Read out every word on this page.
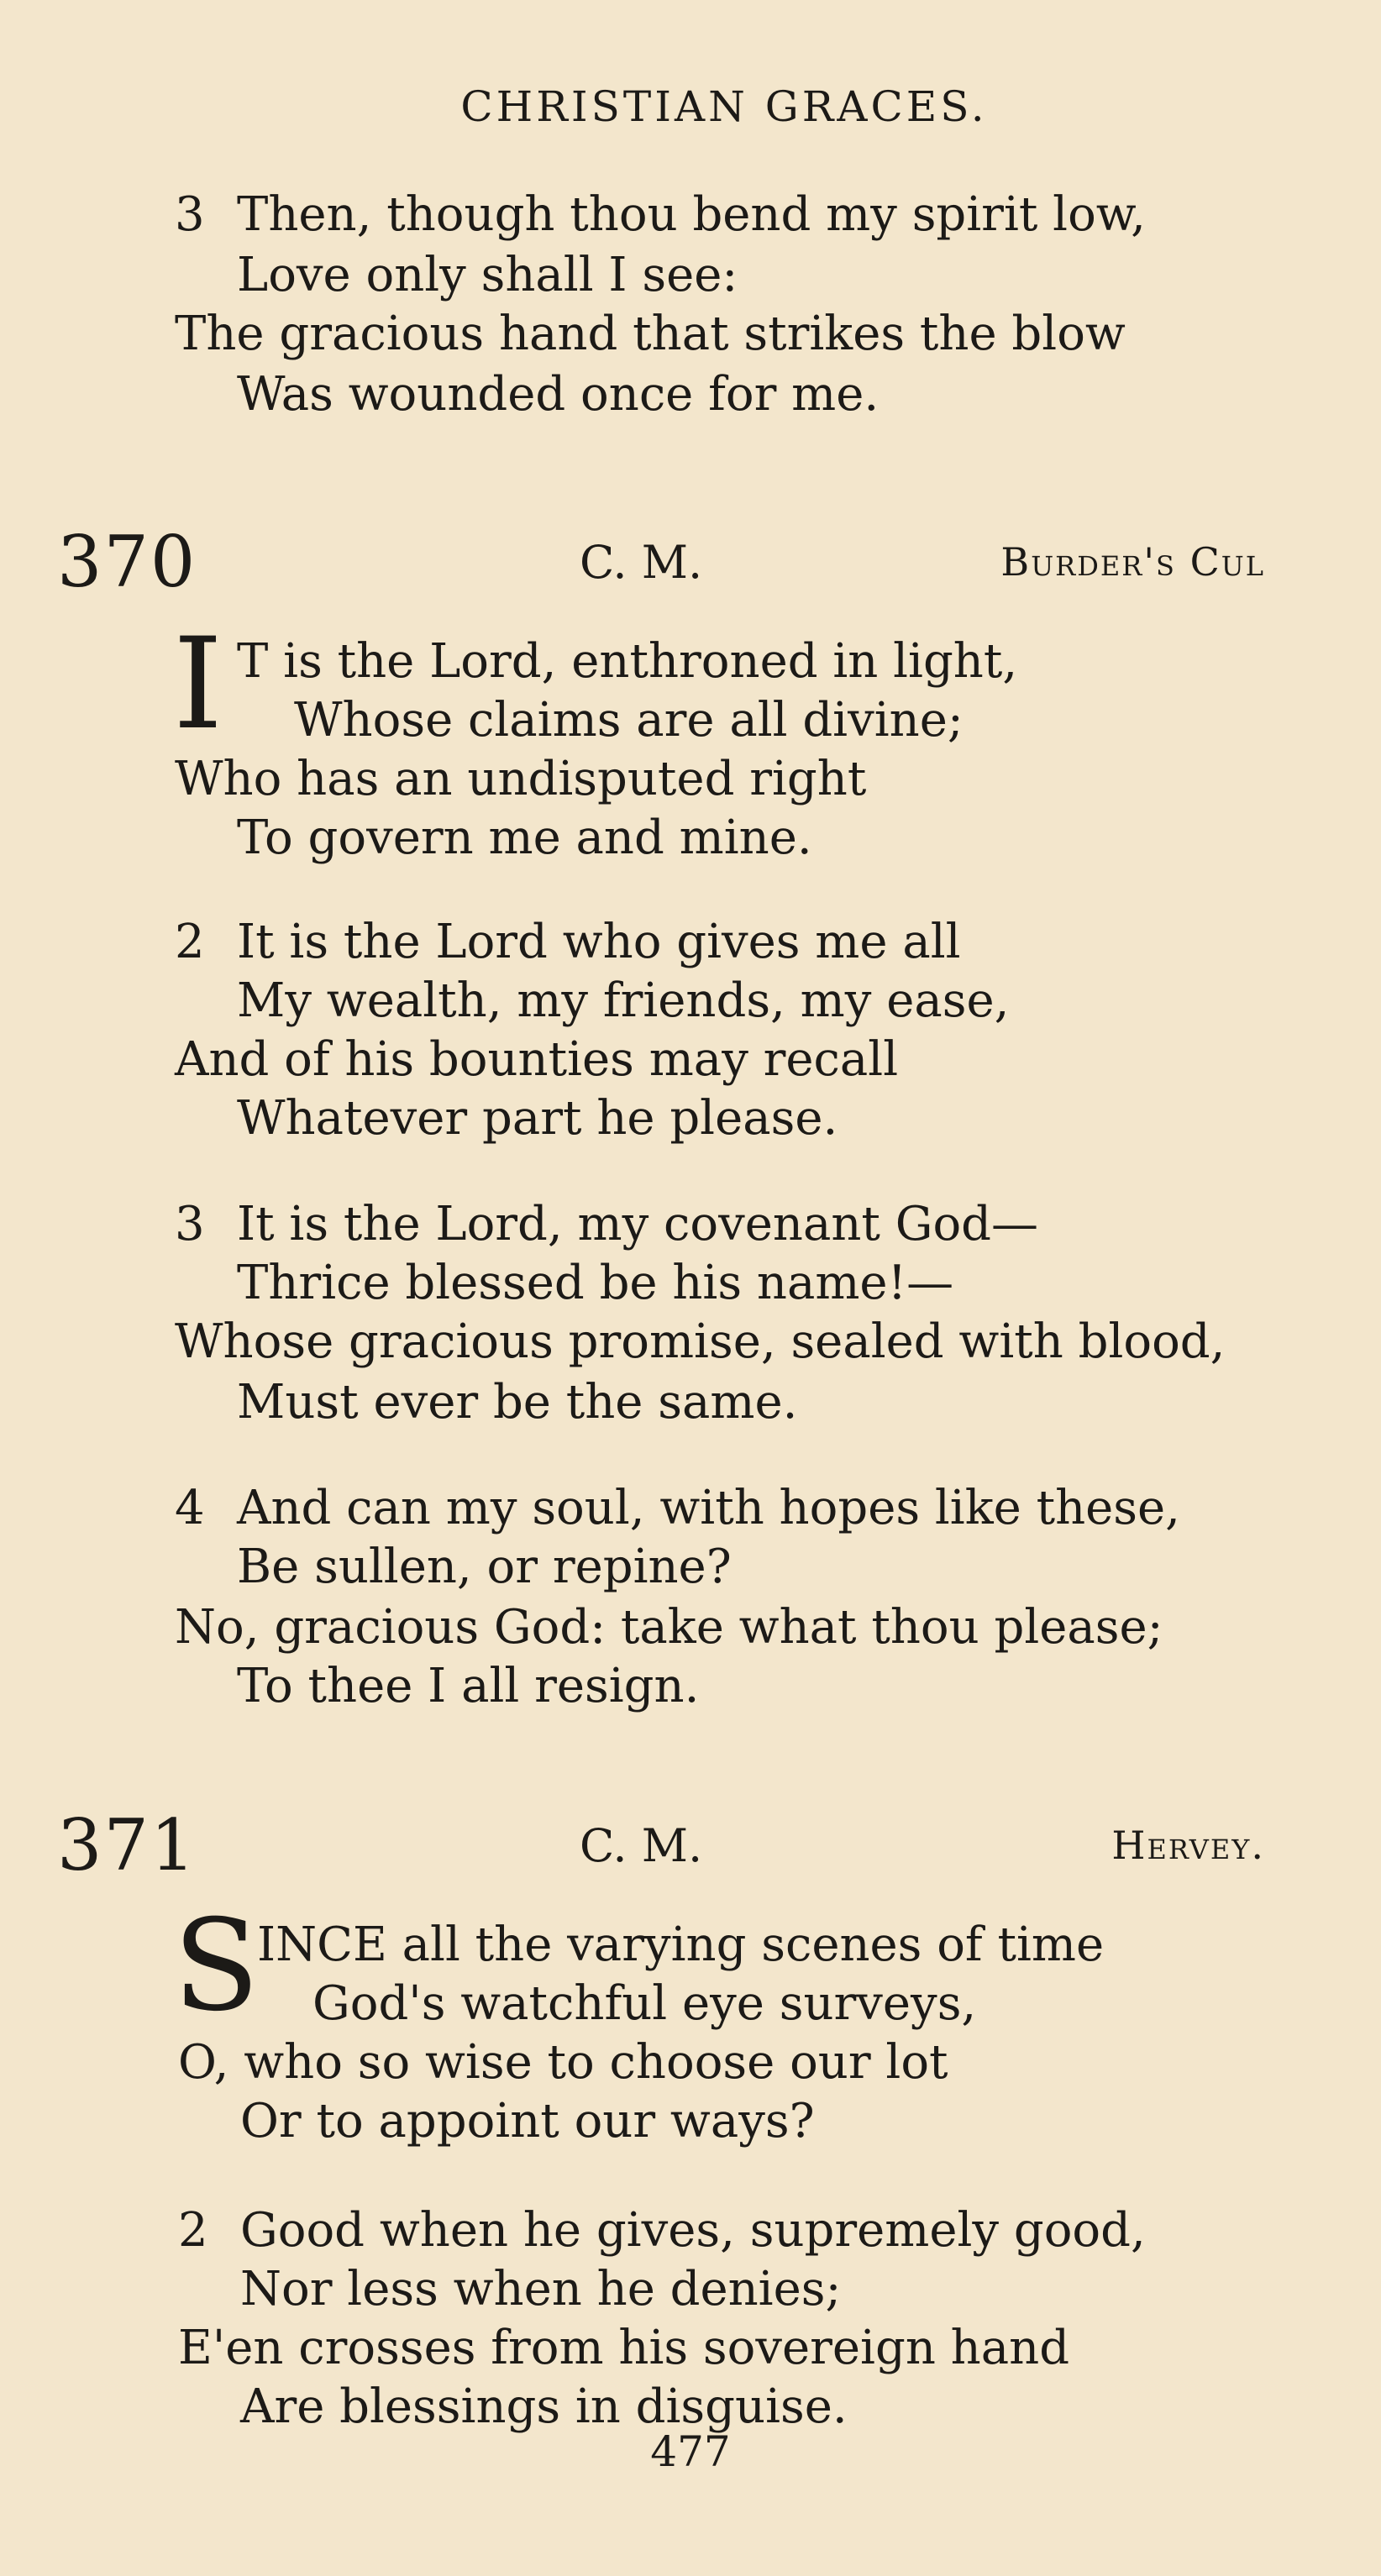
CHRISTIAN GRACES.
3 Then, though thou bend my spirit low,
Love only shall I see:
The gracious hand that strikes the blow
Was wounded once for me.
370	C. M.	Burder's Cul
I T is the Lord, enthroned in light,
Whose claims are all divine;
Who has an undisputed right
To govern me and mine.
2 It is the Lord who gives me all
My wealth, my friends, my ease,
And of his bounties may recall
Whatever part he please.
3 It is the Lord, my covenant God—
Thrice blessed be his name!—
Whose gracious promise, sealed with blood,
Must ever be the same.
4 And can my soul, with hopes like these,
Be sullen, or repine?
No, gracious God: take what thou please;
To thee I all resign.
371	C. M.	Hervey.
S
INCE all the varying scenes of time
God's watchful eye surveys,
O, who so wise to choose our lot
Or to appoint our ways?
2 Good when he gives, supremely good,
Nor less when he denies;
E'en crosses from his sovereign hand
Are blessings in disguise.
477
